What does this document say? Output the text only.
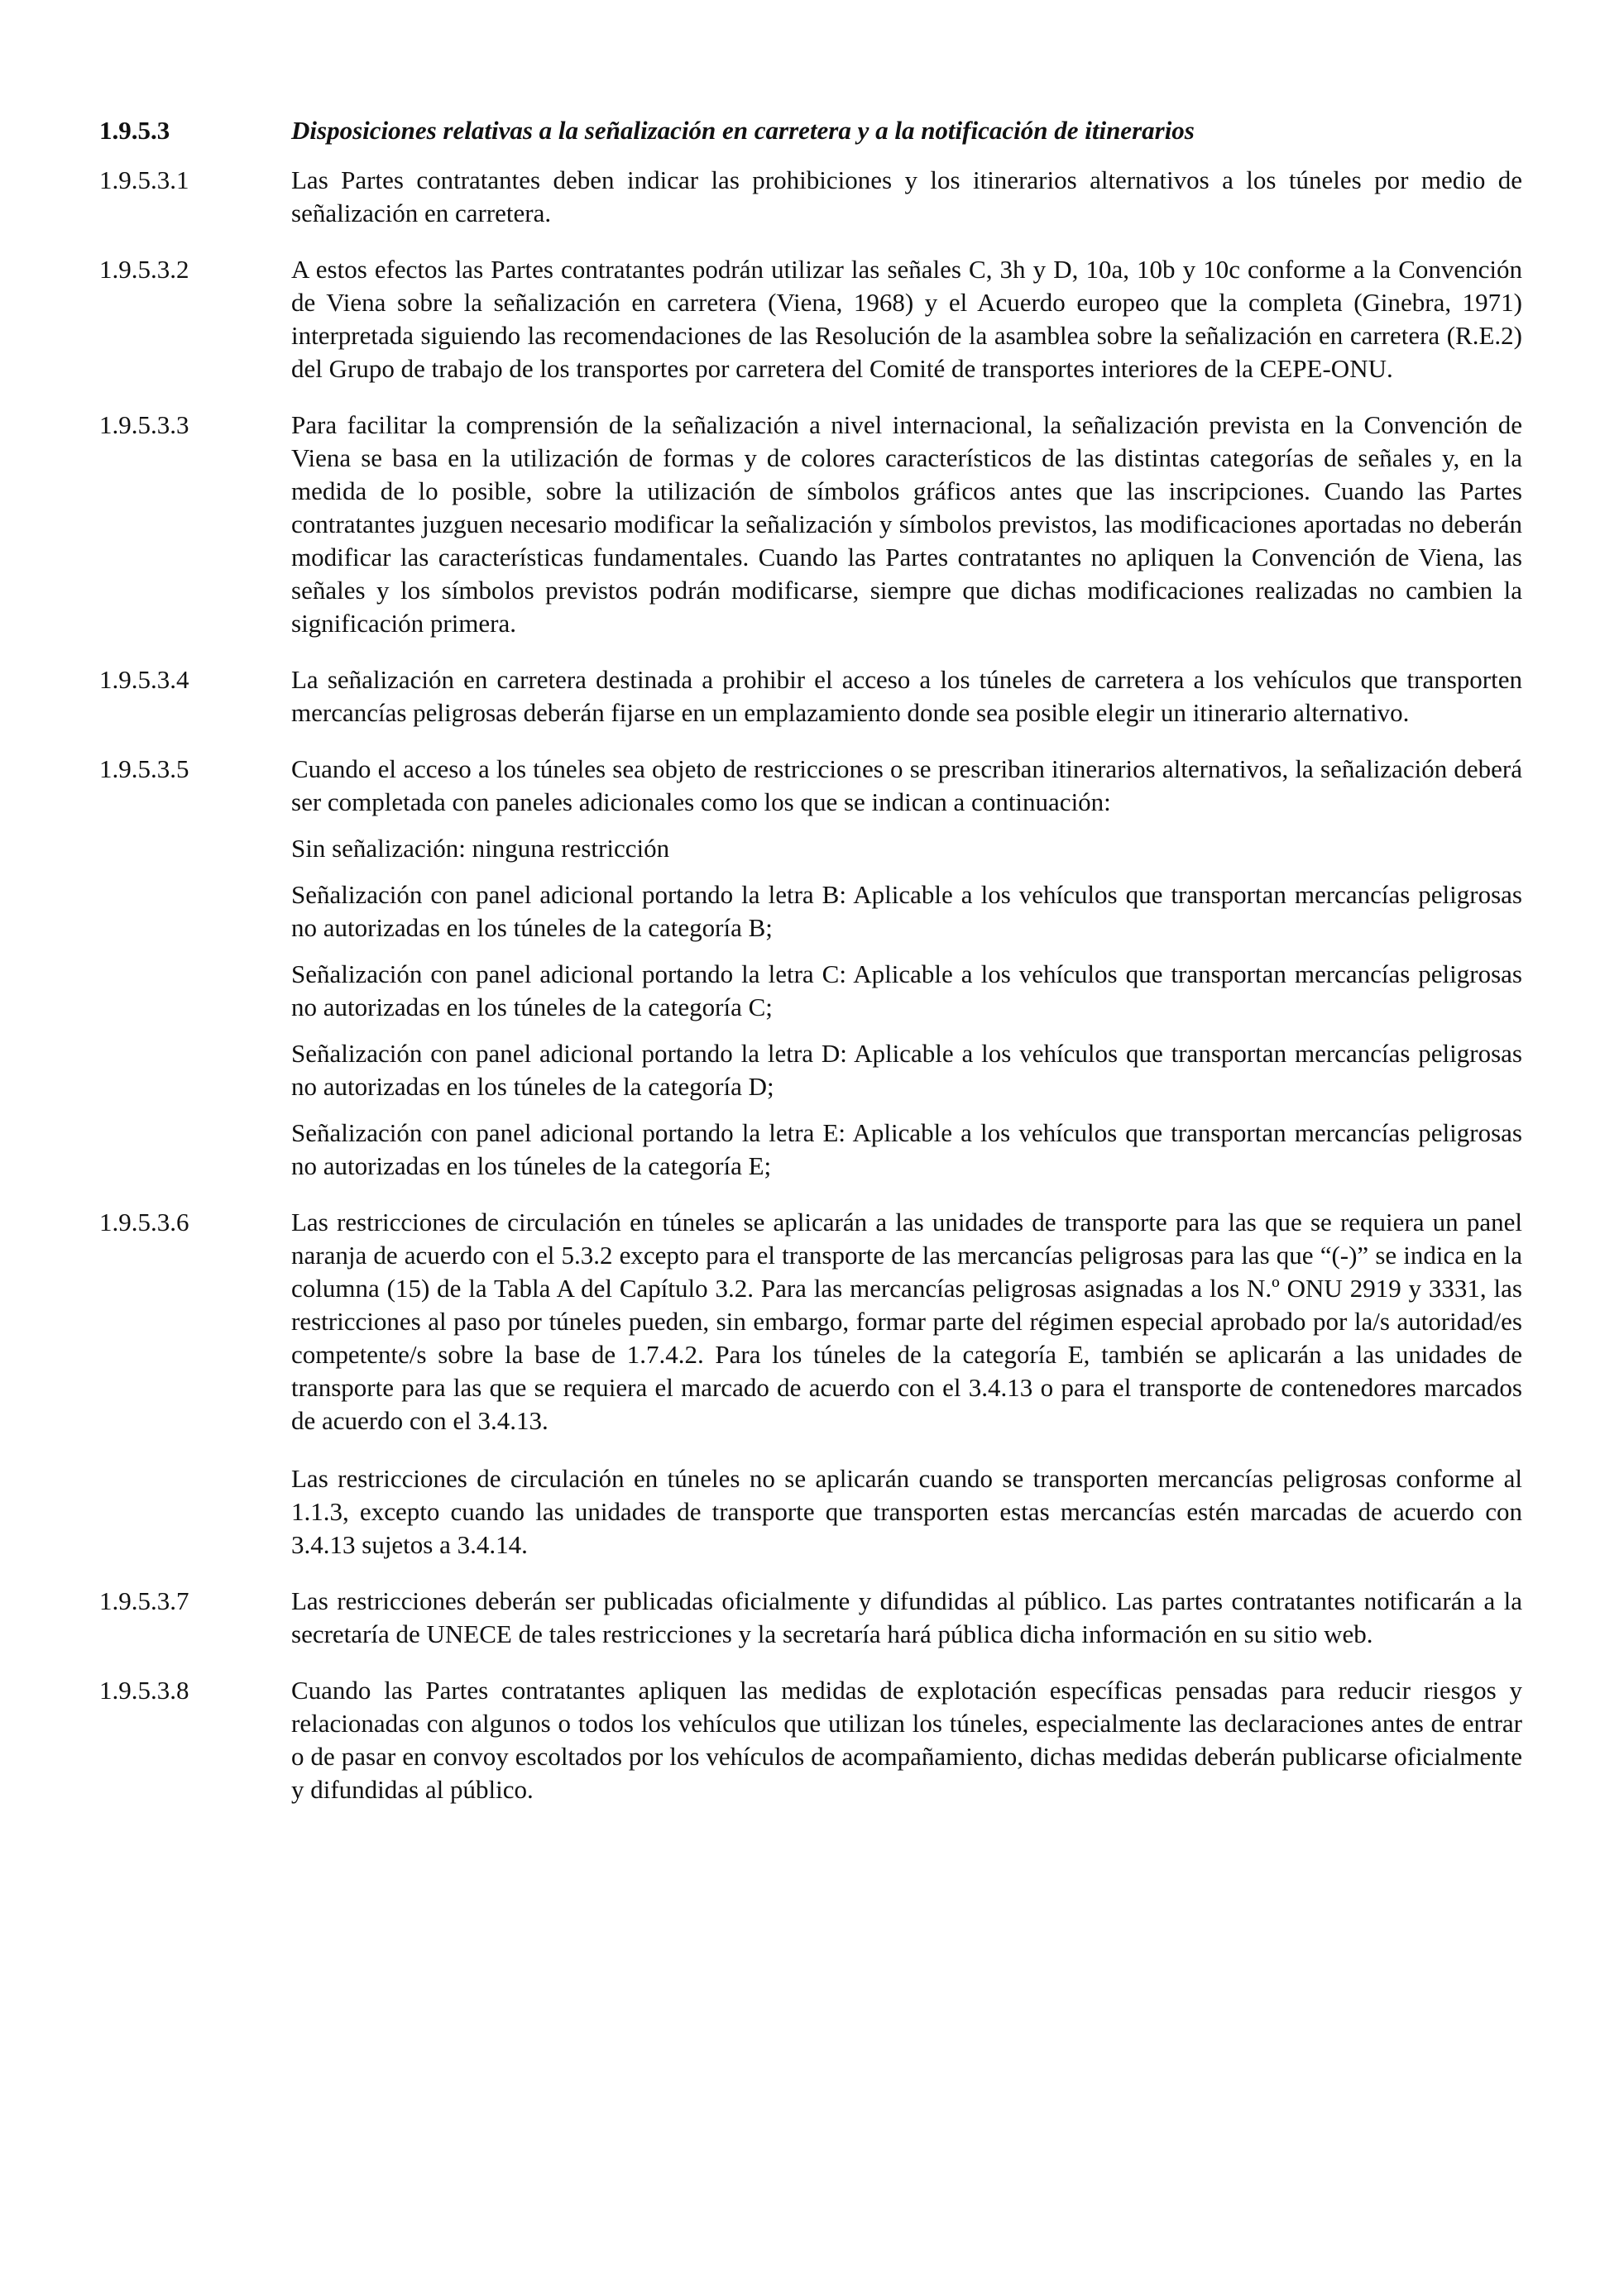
1.9.5.3	Disposiciones relativas a la señalización en carretera y a la notificación de itinerarios

1.9.5.3.1	Las Partes contratantes deben indicar las prohibiciones y los itinerarios alternativos a los túneles por medio de señalización en carretera.

1.9.5.3.2	A estos efectos las Partes contratantes podrán utilizar las señales C, 3h y D, 10a, 10b y 10c conforme a la Convención de Viena sobre la señalización en carretera (Viena, 1968) y el Acuerdo europeo que la completa (Ginebra, 1971) interpretada siguiendo las recomendaciones de las Resolución de la asamblea sobre la señalización en carretera (R.E.2) del Grupo de trabajo de los transportes por carretera del Comité de transportes interiores de la CEPE-ONU.

1.9.5.3.3	Para facilitar la comprensión de la señalización a nivel internacional, la señalización prevista en la Convención de Viena se basa en la utilización de formas y de colores característicos de las distintas categorías de señales y, en la medida de lo posible, sobre la utilización de símbolos gráficos antes que las inscripciones. Cuando las Partes contratantes juzguen necesario modificar la señalización y símbolos previstos, las modificaciones aportadas no deberán modificar las características fundamentales. Cuando las Partes contratantes no apliquen la Convención de Viena, las señales y los símbolos previstos podrán modificarse, siempre que dichas modificaciones realizadas no cambien la significación primera.

1.9.5.3.4	La señalización en carretera destinada a prohibir el acceso a los túneles de carretera a los vehículos que transporten mercancías peligrosas deberán fijarse en un emplazamiento donde sea posible elegir un itinerario alternativo.

1.9.5.3.5	Cuando el acceso a los túneles sea objeto de restricciones o se prescriban itinerarios alternativos, la señalización deberá ser completada con paneles adicionales como los que se indican a continuación:

Sin señalización: ninguna restricción

Señalización con panel adicional portando la letra B: Aplicable a los vehículos que transportan mercancías peligrosas no autorizadas en los túneles de la categoría B;

Señalización con panel adicional portando la letra C: Aplicable a los vehículos que transportan mercancías peligrosas no autorizadas en los túneles de la categoría C;

Señalización con panel adicional portando la letra D: Aplicable a los vehículos que transportan mercancías peligrosas no autorizadas en los túneles de la categoría D;

Señalización con panel adicional portando la letra E: Aplicable a los vehículos que transportan mercancías peligrosas no autorizadas en los túneles de la categoría E;

1.9.5.3.6	Las restricciones de circulación en túneles se aplicarán a las unidades de transporte para las que se requiera un panel naranja de acuerdo con el 5.3.2 excepto para el transporte de las mercancías peligrosas para las que “(-)” se indica en la columna (15) de la Tabla A del Capítulo 3.2. Para las mercancías peligrosas asignadas a los N.º ONU 2919 y 3331, las restricciones al paso por túneles pueden, sin embargo, formar parte del régimen especial aprobado por la/s autoridad/es competente/s sobre la base de 1.7.4.2. Para los túneles de la categoría E, también se aplicarán a las unidades de transporte para las que se requiera el marcado de acuerdo con el 3.4.13 o para el transporte de contenedores marcados de acuerdo con el 3.4.13.

Las restricciones de circulación en túneles no se aplicarán cuando se transporten mercancías peligrosas conforme al 1.1.3, excepto cuando las unidades de transporte que transporten estas mercancías estén marcadas de acuerdo con 3.4.13 sujetos a 3.4.14.

1.9.5.3.7	Las restricciones deberán ser publicadas oficialmente y difundidas al público. Las partes contratantes notificarán a la secretaría de UNECE de tales restricciones y la secretaría hará pública dicha información en su sitio web.

1.9.5.3.8	Cuando las Partes contratantes apliquen las medidas de explotación específicas pensadas para reducir riesgos y relacionadas con algunos o todos los vehículos que utilizan los túneles, especialmente las declaraciones antes de entrar o de pasar en convoy escoltados por los vehículos de acompañamiento, dichas medidas deberán publicarse oficialmente y difundidas al público.
